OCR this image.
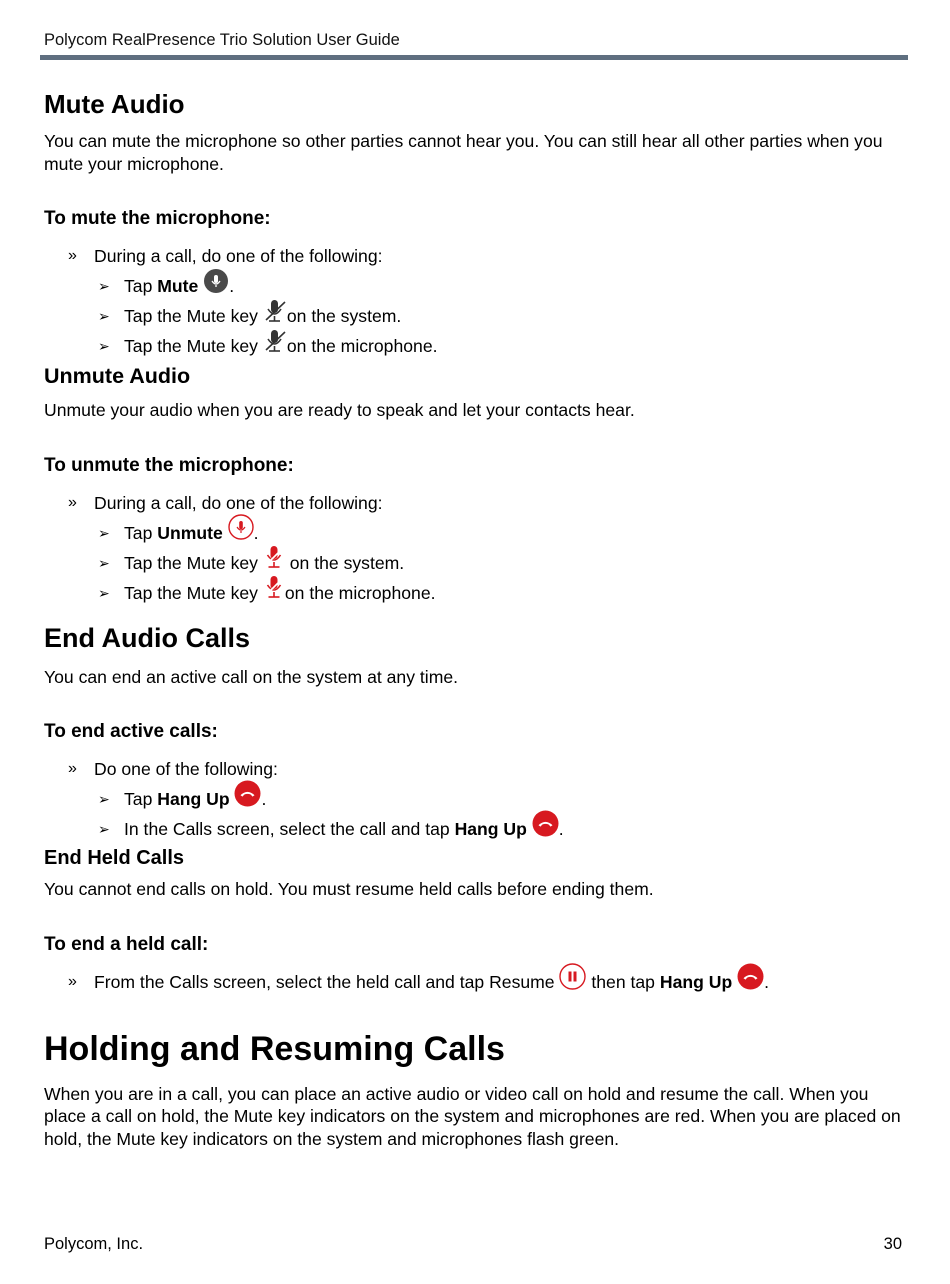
Polycom RealPresence Trio Solution User Guide
Mute Audio

You can mute the microphone so other parties cannot hear you. You can still hear all other parties when you mute your microphone.

To mute the microphone:
» During a call, do one of the following:
➢ Tap Mute .
➢ Tap the Mute key on the system.
➢ Tap the Mute key on the microphone.
Unmute Audio

Unmute your audio when you are ready to speak and let your contacts hear.

To unmute the microphone:
» During a call, do one of the following:
➢ Tap Unmute .
➢ Tap the Mute key  on the system.
➢ Tap the Mute key on the microphone.
End Audio Calls

You can end an active call on the system at any time.

To end active calls:
» Do one of the following:
➢ Tap Hang Up .
➢ In the Calls screen, select the call and tap Hang Up .
End Held Calls

You cannot end calls on hold. You must resume held calls before ending them.

To end a held call:
» From the Calls screen, select the held call and tap Resume  then tap Hang Up .
Holding and Resuming Calls

When you are in a call, you can place an active audio or video call on hold and resume the call. When you place a call on hold, the Mute key indicators on the system and microphones are red. When you are placed on hold, the Mute key indicators on the system and microphones flash green.

Polycom, Inc.	30
